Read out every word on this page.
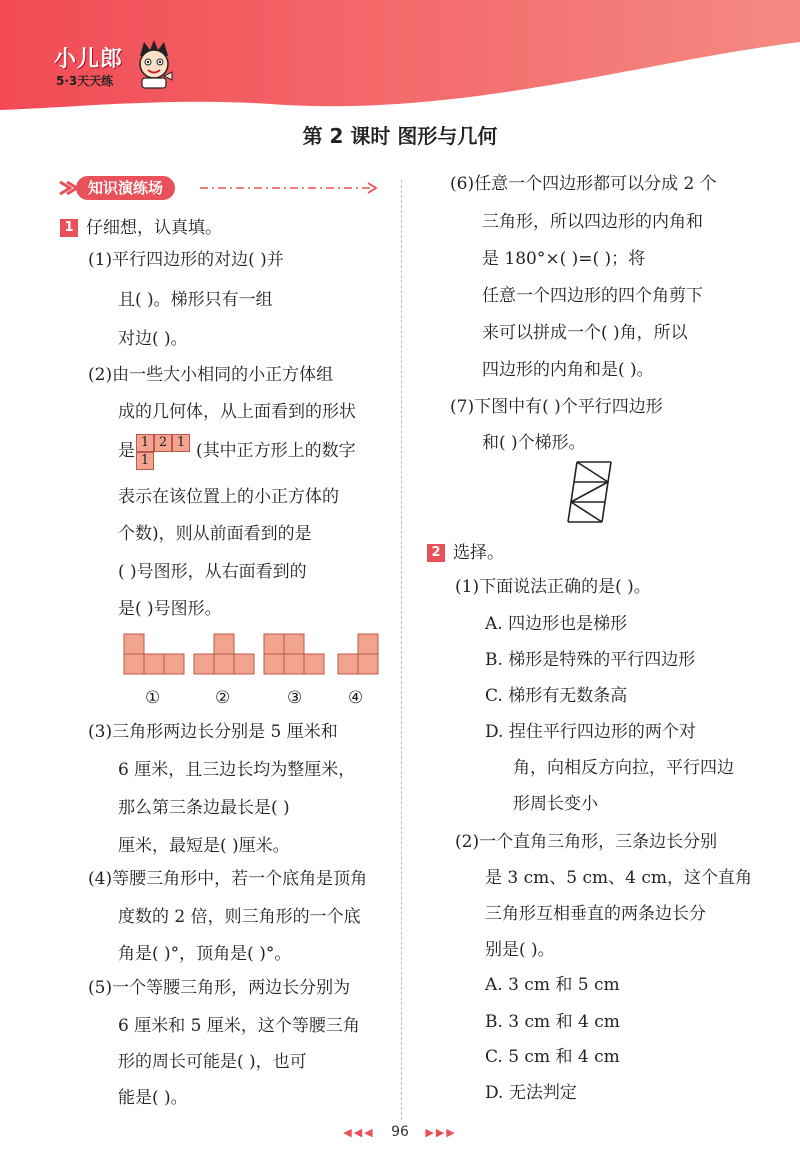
小儿郎
5·3天天练
第 2 课时 图形与几何
知识演练场
1 仔细想，认真填。
(1)平行四边形的对边( )并
且( )。梯形只有一组
对边( )。
(2)由一些大小相同的小正方体组
成的几何体，从上面看到的形状
是 1 2 1
1	(其中正方形上的数字
表示在该位置上的小正方体的
个数)，则从前面看到的是
( )号图形，从右面看到的
是( )号图形。
①	②	③	④
(3)三角形两边长分别是 5 厘米和
6 厘米，且三边长均为整厘米，
那么第三条边最长是( )
厘米，最短是( )厘米。
(4)等腰三角形中，若一个底角是顶角
度数的 2 倍，则三角形的一个底
角是( )°，顶角是( )°。
(5)一个等腰三角形，两边长分别为
6 厘米和 5 厘米，这个等腰三角
形的周长可能是( )，也可
能是( )。
(6)任意一个四边形都可以分成 2 个
三角形，所以四边形的内角和
是 180°×( )=( )；将
任意一个四边形的四个角剪下
来可以拼成一个( )角，所以
四边形的内角和是( )。
(7)下图中有( )个平行四边形
和( )个梯形。
2 选择。
(1)下面说法正确的是( )。
A. 四边形也是梯形
B. 梯形是特殊的平行四边形
C. 梯形有无数条高
D. 捏住平行四边形的两个对
角，向相反方向拉，平行四边
形周长变小
(2)一个直角三角形，三条边长分别
是 3 cm、5 cm、4 cm，这个直角
三角形互相垂直的两条边长分
别是( )。
A. 3 cm 和 5 cm
B. 3 cm 和 4 cm
C. 5 cm 和 4 cm
D. 无法判定
◀◀◀ 96 ▶▶▶
